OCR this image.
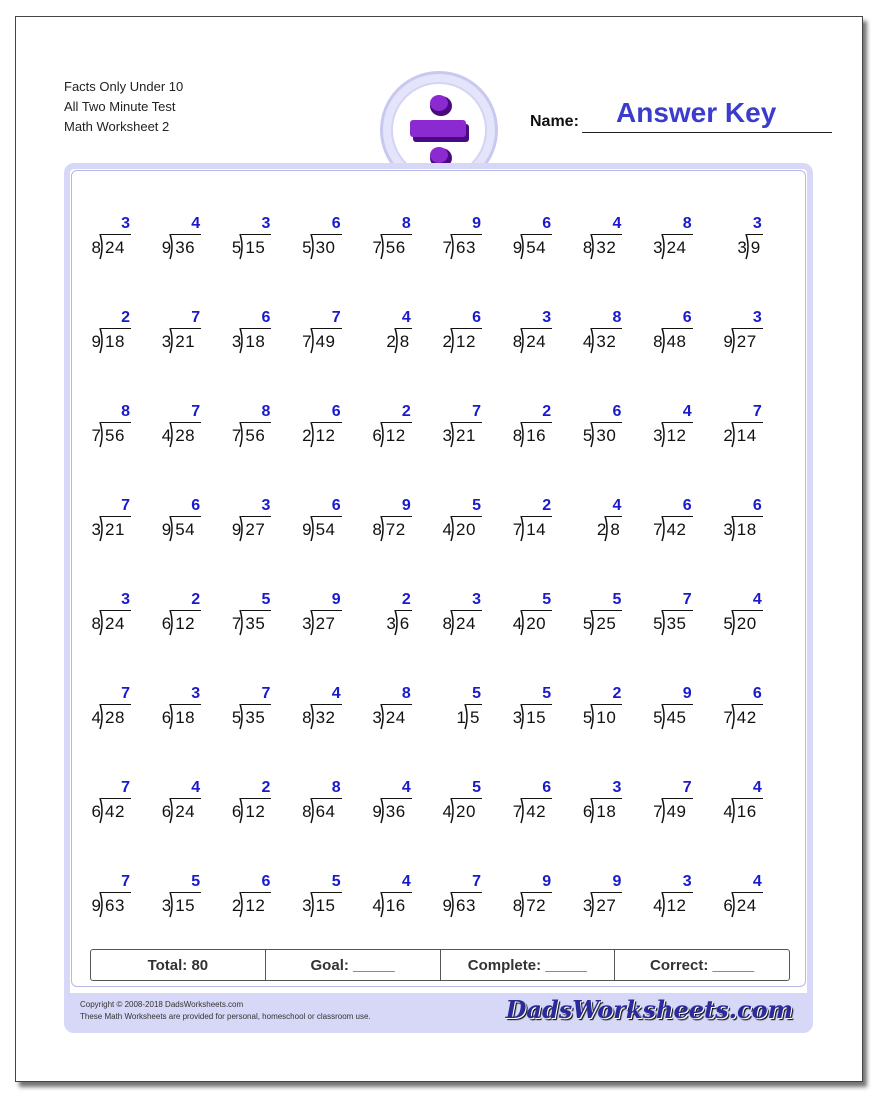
Facts Only Under 10
All Two Minute Test
Math Worksheet 2	Name: Answer Key
3
8 24
4
9 36
3
5 15
6
5 30
8
7 56
9
7 63
6
9 54
4
8 32
8
3 24
3
3 9
2
9 18
7
3 21
6
3 18
7
7 49
4
2 8
6
2 12
3
8 24
8
4 32
6
8 48
3
9 27
8
7 56
7
4 28
8
7 56
6
2 12
2
6 12
7
3 21
2
8 16
6
5 30
4
3 12
7
2 14
7
3 21
6
9 54
3
9 27
6
9 54
9
8 72
5
4 20
2
7 14
4
2 8
6
7 42
6
3 18
3
8 24
2
6 12
5
7 35
9
3 27
2
3 6
3
8 24
5
4 20
5
5 25
7
5 35
4
5 20
7
4 28
3
6 18
7
5 35
4
8 32
8
3 24
5
1 5
5
3 15
2
5 10
9
5 45
6
7 42
7
6 42
4
6 24
2
6 12
8
8 64
4
9 36
5
4 20
6
7 42
3
6 18
7
7 49
4
4 16
7
9 63
5
3 15
6
2 12
5
3 15
4
4 16
7
9 63
9
8 72
9
3 27
3
4 12
4
6 24
Total: 80	Goal: _____	Complete: _____	Correct: _____
Copyright © 2008-2018 DadsWorksheets.com
These Math Worksheets are provided for personal, homeschool or classroom use.	DadsWorksheets.com
